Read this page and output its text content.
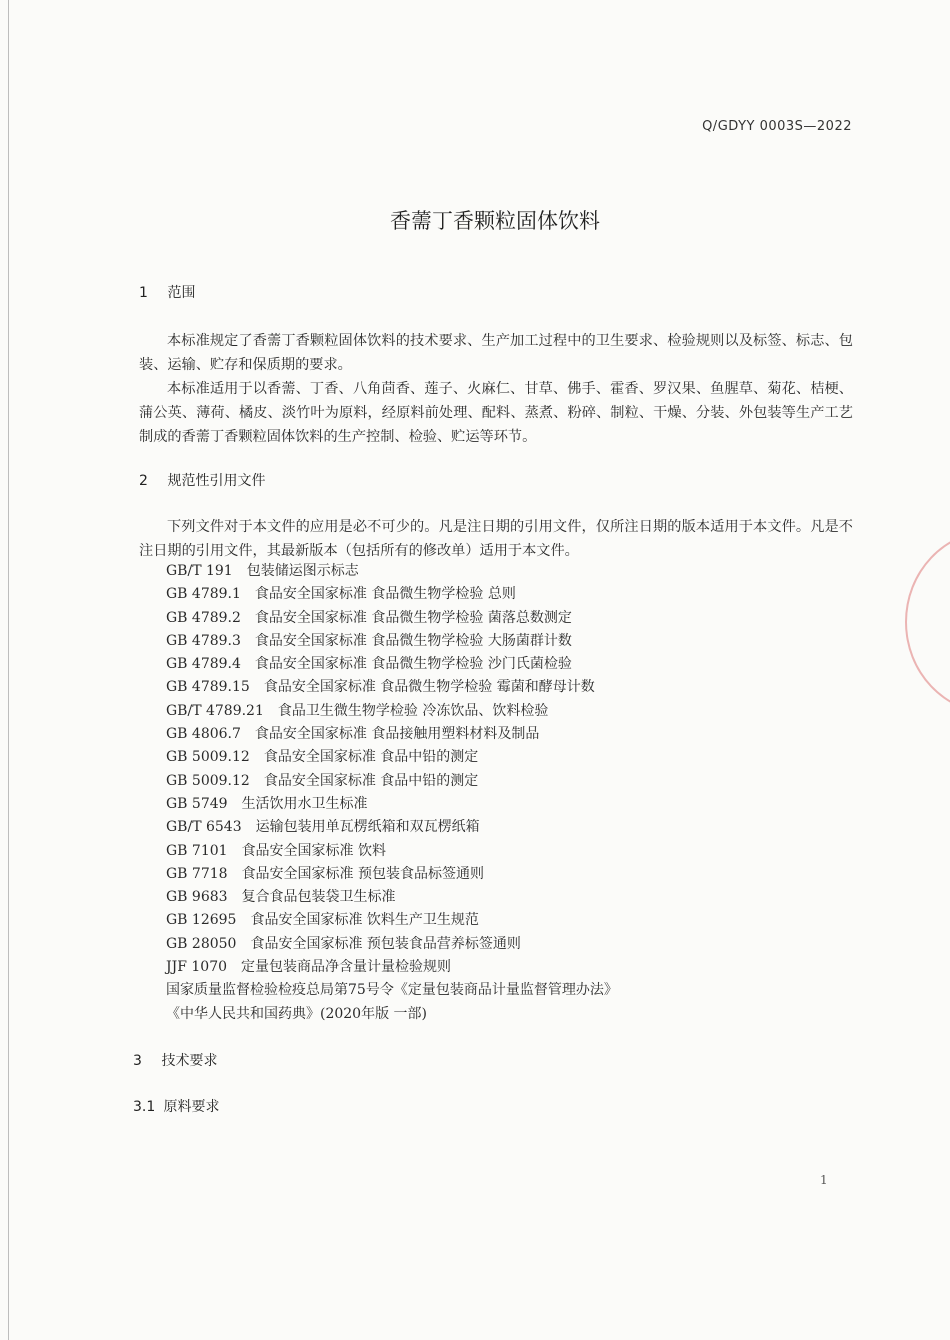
Q/GDYY 0003S—2022
香薷丁香颗粒固体饮料
1 范围

本标准规定了香薷丁香颗粒固体饮料的技术要求、生产加工过程中的卫生要求、检验规则以及标签、标志、包装、运输、贮存和保质期的要求。

本标准适用于以香薷、丁香、八角茴香、莲子、火麻仁、甘草、佛手、霍香、罗汉果、鱼腥草、菊花、桔梗、蒲公英、薄荷、橘皮、淡竹叶为原料，经原料前处理、配料、蒸煮、粉碎、制粒、干燥、分装、外包装等生产工艺制成的香薷丁香颗粒固体饮料的生产控制、检验、贮运等环节。

2 规范性引用文件

下列文件对于本文件的应用是必不可少的。凡是注日期的引用文件，仅所注日期的版本适用于本文件。凡是不注日期的引用文件，其最新版本（包括所有的修改单）适用于本文件。

GB/T 191 包装储运图示标志
GB 4789.1 食品安全国家标准 食品微生物学检验 总则
GB 4789.2 食品安全国家标准 食品微生物学检验 菌落总数测定
GB 4789.3 食品安全国家标准 食品微生物学检验 大肠菌群计数
GB 4789.4 食品安全国家标准 食品微生物学检验 沙门氏菌检验
GB 4789.15 食品安全国家标准 食品微生物学检验 霉菌和酵母计数
GB/T 4789.21 食品卫生微生物学检验 冷冻饮品、饮料检验
GB 4806.7 食品安全国家标准 食品接触用塑料材料及制品
GB 5009.12 食品安全国家标准 食品中铅的测定
GB 5009.12 食品安全国家标准 食品中铅的测定
GB 5749 生活饮用水卫生标准
GB/T 6543 运输包装用单瓦楞纸箱和双瓦楞纸箱
GB 7101 食品安全国家标准 饮料
GB 7718 食品安全国家标准 预包装食品标签通则
GB 9683 复合食品包装袋卫生标准
GB 12695 食品安全国家标准 饮料生产卫生规范
GB 28050 食品安全国家标准 预包装食品营养标签通则
JJF 1070 定量包装商品净含量计量检验规则
国家质量监督检验检疫总局第75号令《定量包装商品计量监督管理办法》
《中华人民共和国药典》(2020年版 一部)
3 技术要求
3.1 原料要求
1
